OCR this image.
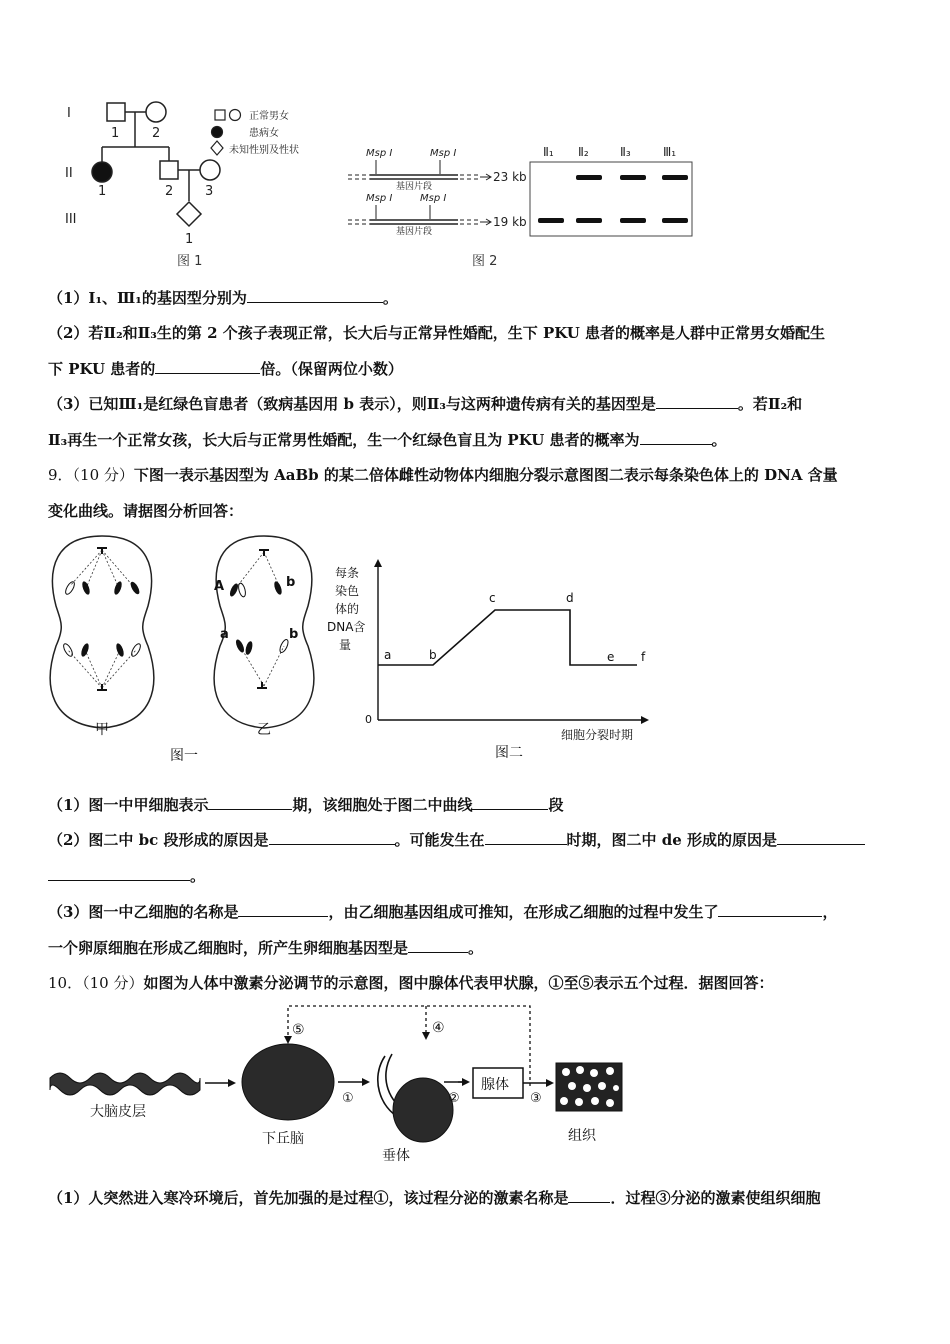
I
II
III
1	2
1	2 3
1
正常男女
患病女
未知性别及性状
图 1
Msp Ⅰ	Msp Ⅰ
Msp Ⅰ	Msp Ⅰ
基因片段
基因片段
23 kb
19 kb
Ⅱ₁ Ⅱ₂	Ⅱ₃	Ⅲ₁
图 2
（1）I₁、Ⅲ₁的基因型分别为	。
（2）若Ⅱ₂和Ⅱ₃生的第 2 个孩子表现正常，长大后与正常异性婚配，生下 PKU 患者的概率是人群中正常男女婚配生
下 PKU 患者的	倍。（保留两位小数）
（3）已知Ⅲ₁是红绿色盲患者（致病基因用 b 表示），则Ⅱ₃与这两种遗传病有关的基因型是	。若Ⅱ₂和
Ⅱ₃再生一个正常女孩，长大后与正常男性婚配，生一个红绿色盲且为 PKU 患者的概率为	。
9．（10 分）下图一表示基因型为 AaBb 的某二倍体雌性动物体内细胞分裂示意图图二表示每条染色体上的 DNA 含量
变化曲线。请据图分析回答：
A	b
a	b
甲	乙
图一
每条
染色
体的
DNA含
量
0
细胞分裂时期
图二
a	b
c	d
e f
（1）图一中甲细胞表示	期，该细胞处于图二中曲线	段
（2）图二中 bc 段形成的原因是	。可能发生在	时期，图二中 de 形成的原因是
。
（3）图一中乙细胞的名称是	，由乙细胞基因组成可推知，在形成乙细胞的过程中发生了	，
一个卵原细胞在形成乙细胞时，所产生卵细胞基因型是	。
10．（10 分）如图为人体中激素分泌调节的示意图，图中腺体代表甲状腺，①至⑤表示五个过程．据图回答：
⑤	④
大脑皮层
下丘脑
①
垂体
②
腺体
③
组织
（1）人突然进入寒冷环境后，首先加强的是过程①，该过程分泌的激素名称是	．过程③分泌的激素使组织细胞
